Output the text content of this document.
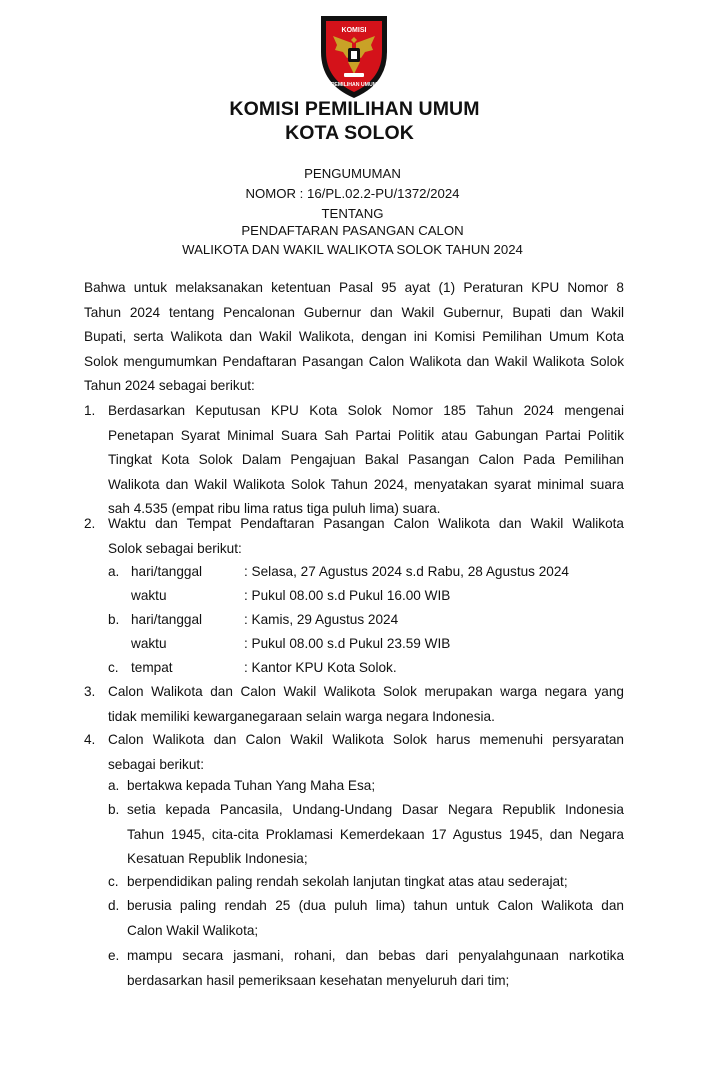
KOMISI
PEMILIHAN UMUM
KOMISI PEMILIHAN UMUM
KOTA SOLOK
PENGUMUMAN
NOMOR : 16/PL.02.2-PU/1372/2024
TENTANG
PENDAFTARAN PASANGAN CALON
WALIKOTA DAN WAKIL WALIKOTA SOLOK TAHUN 2024
Bahwa untuk melaksanakan ketentuan Pasal 95 ayat (1) Peraturan KPU Nomor 8
Tahun 2024 tentang Pencalonan Gubernur dan Wakil Gubernur, Bupati dan Wakil
Bupati, serta Walikota dan Wakil Walikota, dengan ini Komisi Pemilihan Umum Kota
Solok mengumumkan Pendaftaran Pasangan Calon Walikota dan Wakil Walikota Solok
Tahun 2024 sebagai berikut:
1. Berdasarkan Keputusan KPU Kota Solok Nomor 185 Tahun 2024 mengenai
Penetapan Syarat Minimal Suara Sah Partai Politik atau Gabungan Partai Politik
Tingkat Kota Solok Dalam Pengajuan Bakal Pasangan Calon Pada Pemilihan
Walikota dan Wakil Walikota Solok Tahun 2024, menyatakan syarat minimal suara
sah 4.535 (empat ribu lima ratus tiga puluh lima) suara.
2. Waktu dan Tempat Pendaftaran Pasangan Calon Walikota dan Wakil Walikota
Solok sebagai berikut:
a. hari/tanggal	: Selasa, 27 Agustus 2024 s.d Rabu, 28 Agustus 2024
waktu	: Pukul 08.00 s.d Pukul 16.00 WIB
b. hari/tanggal	: Kamis, 29 Agustus 2024
waktu	: Pukul 08.00 s.d Pukul 23.59 WIB
c. tempat	: Kantor KPU Kota Solok.
3. Calon Walikota dan Calon Wakil Walikota Solok merupakan warga negara yang
tidak memiliki kewarganegaraan selain warga negara Indonesia.
4. Calon Walikota dan Calon Wakil Walikota Solok harus memenuhi persyaratan
sebagai berikut:
a. bertakwa kepada Tuhan Yang Maha Esa;
b. setia kepada Pancasila, Undang-Undang Dasar Negara Republik Indonesia
Tahun 1945, cita-cita Proklamasi Kemerdekaan 17 Agustus 1945, dan Negara
Kesatuan Republik Indonesia;
c. berpendidikan paling rendah sekolah lanjutan tingkat atas atau sederajat;
d. berusia paling rendah 25 (dua puluh lima) tahun untuk Calon Walikota dan
Calon Wakil Walikota;
e. mampu secara jasmani, rohani, dan bebas dari penyalahgunaan narkotika
berdasarkan hasil pemeriksaan kesehatan menyeluruh dari tim;
